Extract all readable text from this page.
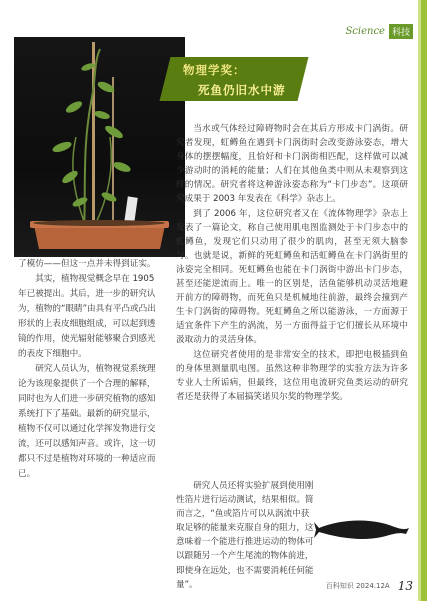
Science 科技

了模仿——但这一点并未得到证实。

其实，植物视觉概念早在 1905 年已被提出。其后，进一步的研究认为，植物的“眼睛”由具有平凸或凸出形状的上表皮细胞组成，可以起到透镜的作用，使光辐射能够聚合到感光的表皮下细胞中。

研究人员认为，植物视觉系统理论为该现象提供了一个合理的解释，同时也为人们进一步研究植物的感知系统打下了基础。最新的研究显示，植物不仅可以通过化学挥发物进行交流，还可以感知声音。或许，这一切都只不过是植物对环境的一种适应而已。

物理学奖：
死鱼仍旧水中游

当水或气体经过障碍物时会在其后方形成卡门涡街。研究者发现，虹鳟鱼在遇到卡门涡街时会改变游泳姿态，增大身体的摆摆幅度，且恰好和卡门涡街相匹配，这样做可以减少游动时的消耗的能量；人们在其他鱼类中则从未观察到这样的情况。研究者将这种游泳姿态称为“卡门步态”。这项研究成果于 2003 年发表在《科学》杂志上。

到了 2006 年，这位研究者又在《流体物理学》杂志上发表了一篇论文，称自己使用肌电图监测处于卡门步态中的虹鳟鱼，发现它们只动用了很少的肌肉，甚至无须大脑参与。也就是说，新鲜的死虹鳟鱼和活虹鳟鱼在卡门涡街里的泳姿完全相同。死虹鳟鱼也能在卡门涡街中游出卡门步态，甚至还能逆流而上。唯一的区别是，活鱼能够机动灵活地避开前方的障碍物，而死鱼只是机械地往前游，最终会撞到产生卡门涡街的障碍物。死虹鳟鱼之所以能游泳，一方面源于适宜条件下产生的涡流，另一方面得益于它们擅长从环境中汲取动力的灵活身体。

这位研究者使用的是非常安全的技术，即把电极插到鱼的身体里测量肌电图。虽然这种非物理学的实验方法为许多专业人士所诟病，但最终，这位用电流研究鱼类运动的研究者还是获得了本届搞笑诺贝尔奖的物理学奖。

研究人员还将实验扩展到使用刚性箔片进行运动测试，结果相似。简而言之，“鱼或箔片可以从涡流中获取足够的能量来克服自身的阻力，这意味着一个能进行推进运动的物体可以跟随另一个产生尾流的物体前进，即使身在远处，也不需要消耗任何能量”。	百科知识 2024.12A 13
